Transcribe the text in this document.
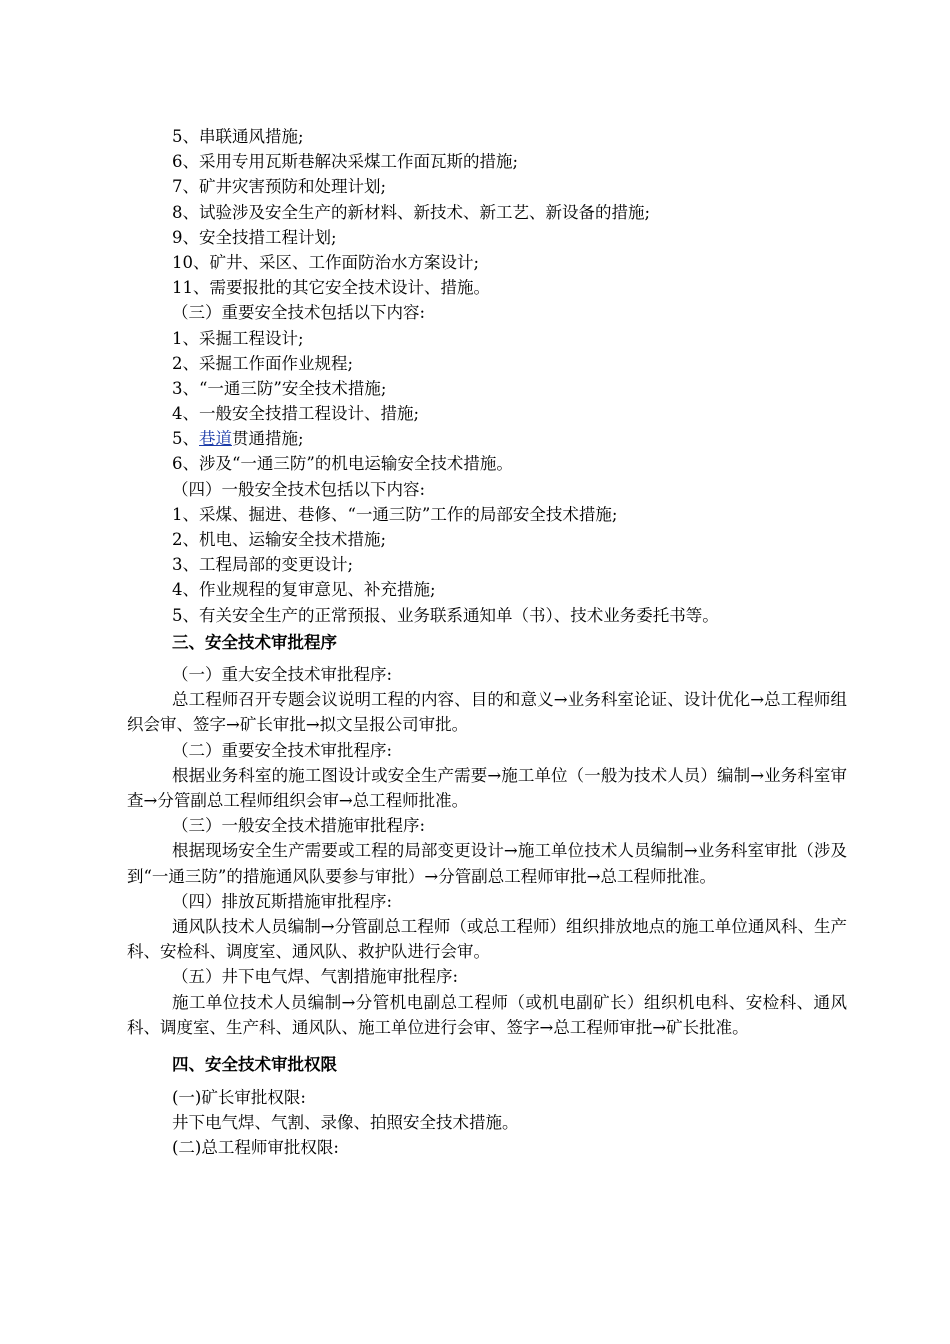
5、串联通风措施;
6、采用专用瓦斯巷解决采煤工作面瓦斯的措施;
7、矿井灾害预防和处理计划;
8、试验涉及安全生产的新材料、新技术、新工艺、新设备的措施;
9、安全技措工程计划;
10、矿井、采区、工作面防治水方案设计;
11、需要报批的其它安全技术设计、措施。
（三）重要安全技术包括以下内容:
1、采掘工程设计;
2、采掘工作面作业规程;
3、“一通三防”安全技术措施;
4、一般安全技措工程设计、措施;
5、巷道贯通措施;
6、涉及“一通三防”的机电运输安全技术措施。
（四）一般安全技术包括以下内容:
1、采煤、掘进、巷修、“一通三防”工作的局部安全技术措施;
2、机电、运输安全技术措施;
3、工程局部的变更设计;
4、作业规程的复审意见、补充措施;
5、有关安全生产的正常预报、业务联系通知单（书）、技术业务委托书等。
三、安全技术审批程序
（一）重大安全技术审批程序:
总工程师召开专题会议说明工程的内容、目的和意义→业务科室论证、设计优化→总工程师组织会审、签字→矿长审批→拟文呈报公司审批。
（二）重要安全技术审批程序:
根据业务科室的施工图设计或安全生产需要→施工单位（一般为技术人员）编制→业务科室审查→分管副总工程师组织会审→总工程师批准。
（三）一般安全技术措施审批程序:
根据现场安全生产需要或工程的局部变更设计→施工单位技术人员编制→业务科室审批（涉及到“一通三防”的措施通风队要参与审批）→分管副总工程师审批→总工程师批准。
（四）排放瓦斯措施审批程序:
通风队技术人员编制→分管副总工程师（或总工程师）组织排放地点的施工单位通风科、生产科、安检科、调度室、通风队、救护队进行会审。
（五）井下电气焊、气割措施审批程序:
施工单位技术人员编制→分管机电副总工程师（或机电副矿长）组织机电科、安检科、通风科、调度室、生产科、通风队、施工单位进行会审、签字→总工程师审批→矿长批准。
四、安全技术审批权限
(一)矿长审批权限:
井下电气焊、气割、录像、拍照安全技术措施。
(二)总工程师审批权限:
